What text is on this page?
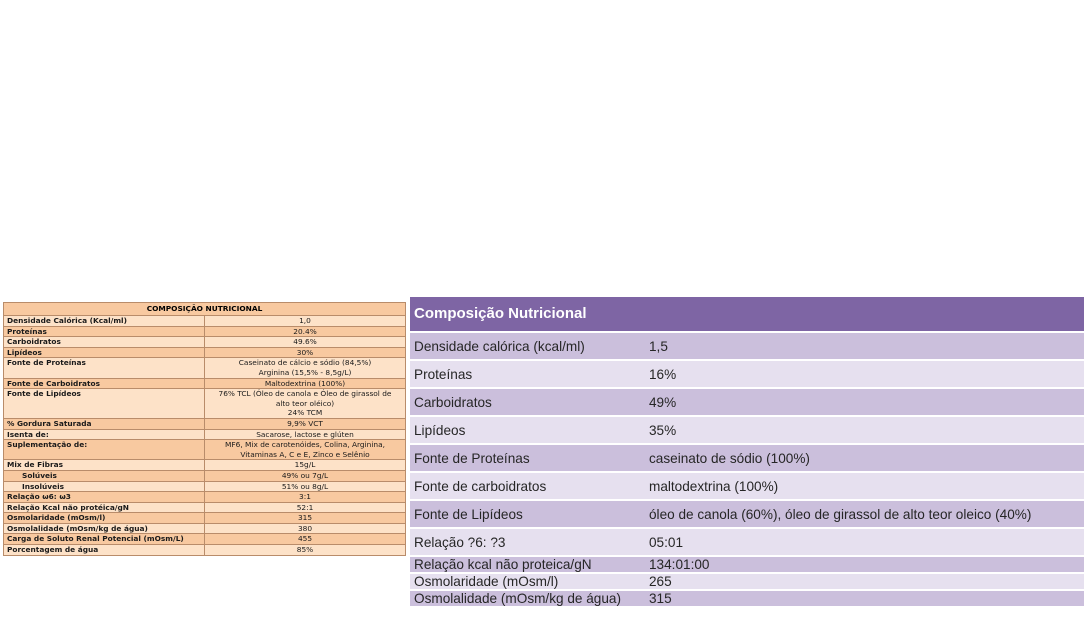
COMPOSIÇÃO NUTRICIONAL	
Densidade Calórica (Kcal/ml)	1,0

Proteínas	20.4%

Carboidratos	49.6%

Lipídeos	30%

Fonte de Proteínas	Caseinato de cálcio e sódio (84,5%)
Arginina (15,5% - 8,5g/L)

Fonte de Carboidratos	Maltodextrina (100%)

Fonte de Lipídeos	76% TCL (Óleo de canola e Óleo de girassol de
alto teor oléico)
24% TCM

% Gordura Saturada	9,9% VCT

Isenta de:	Sacarose, lactose e glúten

Suplementação de:	MF6, Mix de carotenóides, Colina, Arginina,
Vitaminas A, C e E, Zinco e Selênio

Mix de Fibras	15g/L

Solúveis	49% ou 7g/L

Insolúveis	51% ou 8g/L

Relação ω6: ω3	3:1

Relação Kcal não protéica/gN	52:1

Osmolaridade (mOsm/l)	315

Osmolalidade (mOsm/kg de água)	380

Carga de Soluto Renal Potencial (mOsm/L)	455

Porcentagem de água	85%
Composição Nutricional
Densidade calórica (kcal/ml)	1,5
Proteínas	16%
Carboidratos	49%
Lipídeos	35%
Fonte de Proteínas	caseinato de sódio (100%)
Fonte de carboidratos	maltodextrina (100%)
Fonte de Lipídeos	óleo de canola (60%), óleo de girassol de alto teor oleico (40%)
Relação ?6: ?3	05:01
Relação kcal não proteica/gN	134:01:00
Osmolaridade (mOsm/l)	265
Osmolalidade (mOsm/kg de água)	315
